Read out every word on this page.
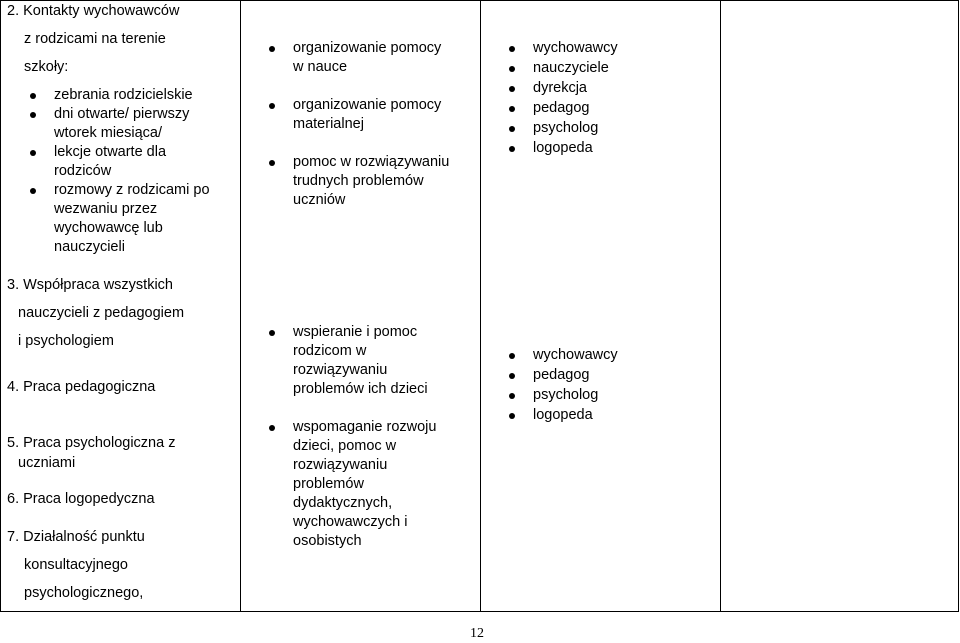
2. Kontakty wychowawców
z rodzicami na terenie
szkoły:
zebrania rodzicielskie
dni otwarte/ pierwszy
wtorek miesiąca/
lekcje otwarte dla
rodziców
rozmowy z rodzicami po
wezwaniu przez
wychowawcę lub
nauczycieli
organizowanie pomocy
w nauce
organizowanie pomocy
materialnej
pomoc w rozwiązywaniu
trudnych problemów
uczniów
wychowawcy
nauczyciele
dyrekcja
pedagog
psycholog
logopeda
3. Współpraca wszystkich
nauczycieli z pedagogiem
i psychologiem
4. Praca pedagogiczna
5. Praca psychologiczna z
uczniami
6. Praca logopedyczna
7. Działalność punktu
konsultacyjnego
psychologicznego,
wspieranie i pomoc
rodzicom w
rozwiązywaniu
problemów ich dzieci
wspomaganie rozwoju
dzieci, pomoc w
rozwiązywaniu
problemów
dydaktycznych,
wychowawczych i
osobistych
wychowawcy
pedagog
psycholog
logopeda
12
